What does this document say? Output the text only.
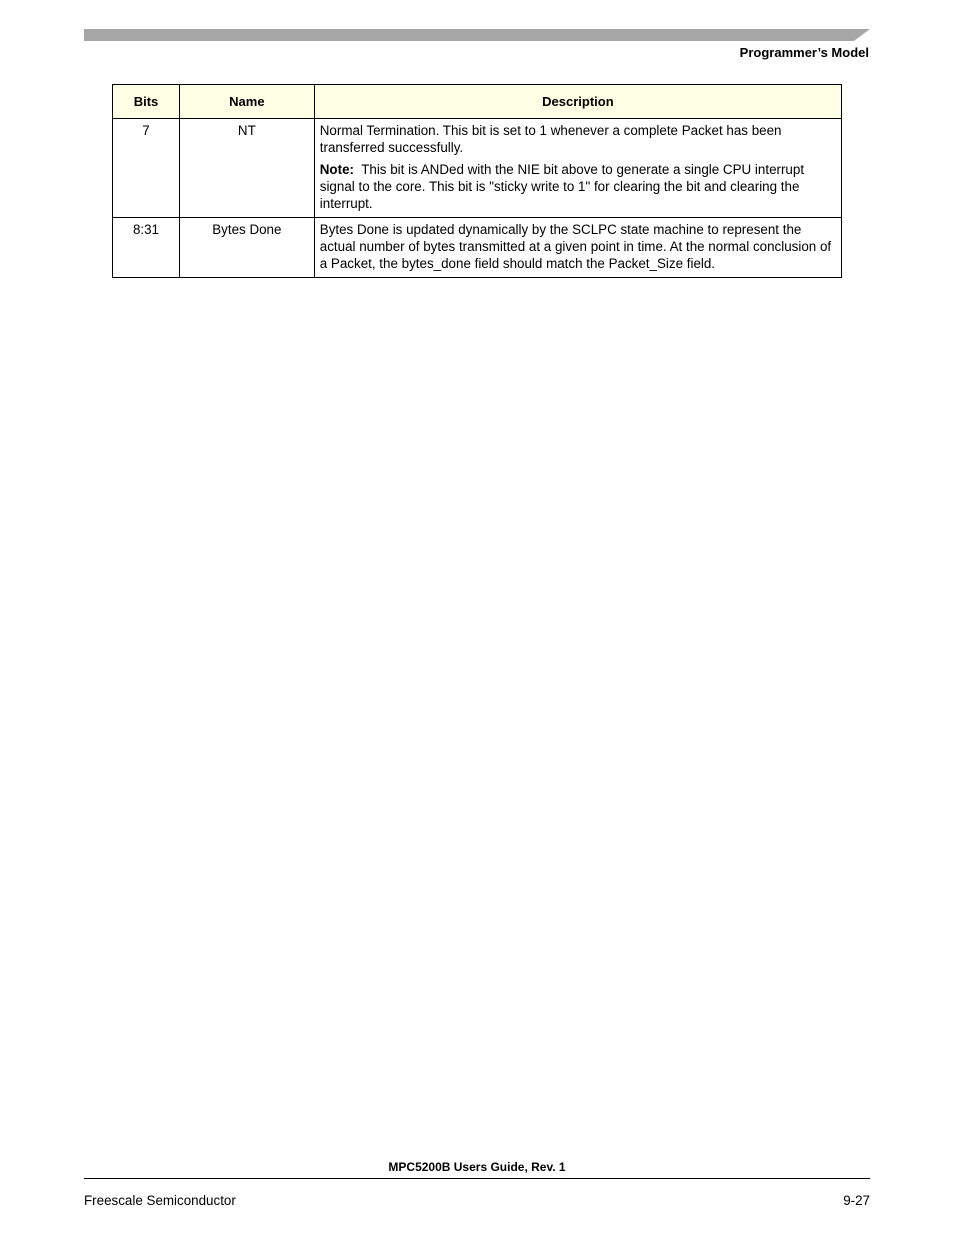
Programmer’s Model
Bits	Name	Description
7	NT	Normal Termination. This bit is set to 1 whenever a complete Packet has been transferred successfully.

Note: This bit is ANDed with the NIE bit above to generate a single CPU interrupt signal to the core. This bit is "sticky write to 1" for clearing the bit and clearing the interrupt.

8:31	Bytes Done	Bytes Done is updated dynamically by the SCLPC state machine to represent the actual number of bytes transmitted at a given point in time. At the normal conclusion of a Packet, the bytes_done field should match the Packet_Size field.

MPC5200B Users Guide, Rev. 1
Freescale Semiconductor	9-27
